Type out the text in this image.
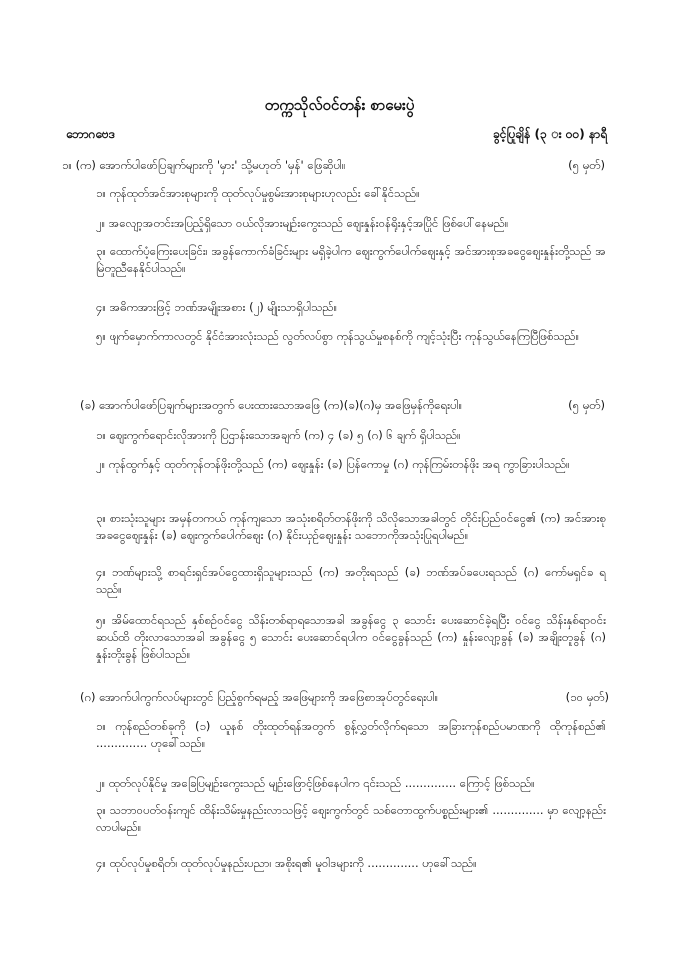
တက္ကသိုလ်ဝင်တန်း စာမေးပွဲ
ဘောဂဗေဒ	ခွင့်ပြုချိန် (၃ း ၀၀) နာရီ
၁။ (က) အောက်ပါဖော်ပြချက်များကို 'မှား' သို့မဟုတ် 'မှန်' ဖြေဆိုပါ။	(၅ မှတ်)
၁။ ကုန်ထုတ်အင်အားစုများကို ထုတ်လုပ်မှုစွမ်းအားစုများဟုလည်း ခေါ်နိုင်သည်။
၂။ အလျော့အတင်းအပြည့်ရှိသော ဝယ်လိုအားမျဉ်းကွေးသည် ဈေးနှုန်းဝန်ရိုးနှင့်အပြိုင် ဖြစ်ပေါ်နေမည်။
၃။ ထောက်ပံ့ကြေးပေးခြင်း၊ အခွန်ကောက်ခံခြင်းများ မရှိခဲ့ပါက ဈေးကွက်ပေါက်ဈေးနှင့် အင်အားစုအခငွေဈေးနှုန်းတို့သည် အမြဲတူညီနေနိုင်ပါသည်။
၄။ အဓိကအားဖြင့် ဘဏ်အမျိုးအစား (၂) မျိုးသာရှိပါသည်။
၅။ ဖျက်မှောက်ကာလတွင် နိုင်ငံအားလုံးသည် လွတ်လပ်စွာ ကုန်သွယ်မှုစနစ်ကို ကျင့်သုံးပြီး ကုန်သွယ်နေကြပြီဖြစ်သည်။
(ခ) အောက်ပါဖော်ပြချက်များအတွက် ပေးထားသောအဖြေ (က)(ခ)(ဂ)မှ အဖြေမှန်ကိုရေးပါ။	(၅ မှတ်)
၁။ ဈေးကွက်ရောင်းလိုအားကို ပြဌာန်းသောအချက် (က) ၄ (ခ) ၅ (ဂ) ၆ ချက် ရှိပါသည်။
၂။ ကုန်ထွက်နှင့် ထုတ်ကုန်တန်ဖိုးတို့သည် (က) ဈေးနှုန်း (ခ) ပြန်ကောမှု (ဂ) ကုန်ကြမ်းတန်ဖိုး အရ ကွာခြားပါသည်။
၃။ စားသုံးသူများ အမှန်တကယ် ကုန်ကျသော အသုံးစရိတ်တန်ဖိုးကို သိလိုသောအခါတွင် တိုင်းပြည်ဝင်ငွေ၏ (က) အင်အားစုအခငွေဈေးနှုန်း (ခ) ဈေးကွက်ပေါက်ဈေး (ဂ) နိုင်းယှဉ်ဈေးနှုန်း သဘောကိုအသုံးပြုရပါမည်။
၄။ ဘဏ်များသို့ စာရင်းရှင်အပ်ငွေထားရှိသူများသည် (က) အတိုးရသည် (ခ) ဘဏ်အပ်ခပေးရသည် (ဂ) ကော်မရှင်ခ ရသည်။
၅။ အိမ်ထောင်ရသည် နှစ်စဉ်ဝင်ငွေ သိန်းတစ်ရာရသောအခါ အခွန်ငွေ ၃ သောင်း ပေးဆောင်ခဲ့ရပြီး ဝင်ငွေ သိန်းနှစ်ရာဝင်းဆယ်ထိ တိုးလာသောအခါ အခွန်ငွေ ၅ သောင်း ပေးဆောင်ရပါက ဝင်ငွေခွန်သည် (က) နှုန်းလျော့ခွန် (ခ) အချိုးတူခွန် (ဂ) နှုန်းတိုးခွန် ဖြစ်ပါသည်။
(ဂ) အောက်ပါကွက်လပ်များတွင် ပြည့်စွက်ရမည့် အဖြေများကို အဖြေစာအုပ်တွင်ရေးပါ။	(၁၀ မှတ်)
၁။ ကုန်စည်တစ်ခုကို (၁) ယူနစ် တိုးထုတ်ရန်အတွက် စွန့်လွှတ်လိုက်ရသော အခြားကုန်စည်ပမာဏကို ထိုကုန်စည်၏ .............. ဟုခေါ်သည်။
၂။ ထုတ်လုပ်နိုင်မှု အခြေပြမျဉ်းကွေးသည် မျဉ်းဖြောင့်ဖြစ်နေပါက ၎င်းသည် .............. ကြောင့် ဖြစ်သည်။
၃။ သဘာဝပတ်ဝန်းကျင် ထိန်းသိမ်းမှုနည်းလာသဖြင့် ဈေးကွက်တွင် သစ်တောထွက်ပစ္စည်းများ၏ .............. မှာ လျော့နည်းလာပါမည်။
၄။ ထုပ်လုပ်မှုစရိတ်၊ ထုတ်လုပ်မှုနည်းပညာ၊ အစိုးရ၏ မူဝါဒများကို .............. ဟုခေါ်သည်။
